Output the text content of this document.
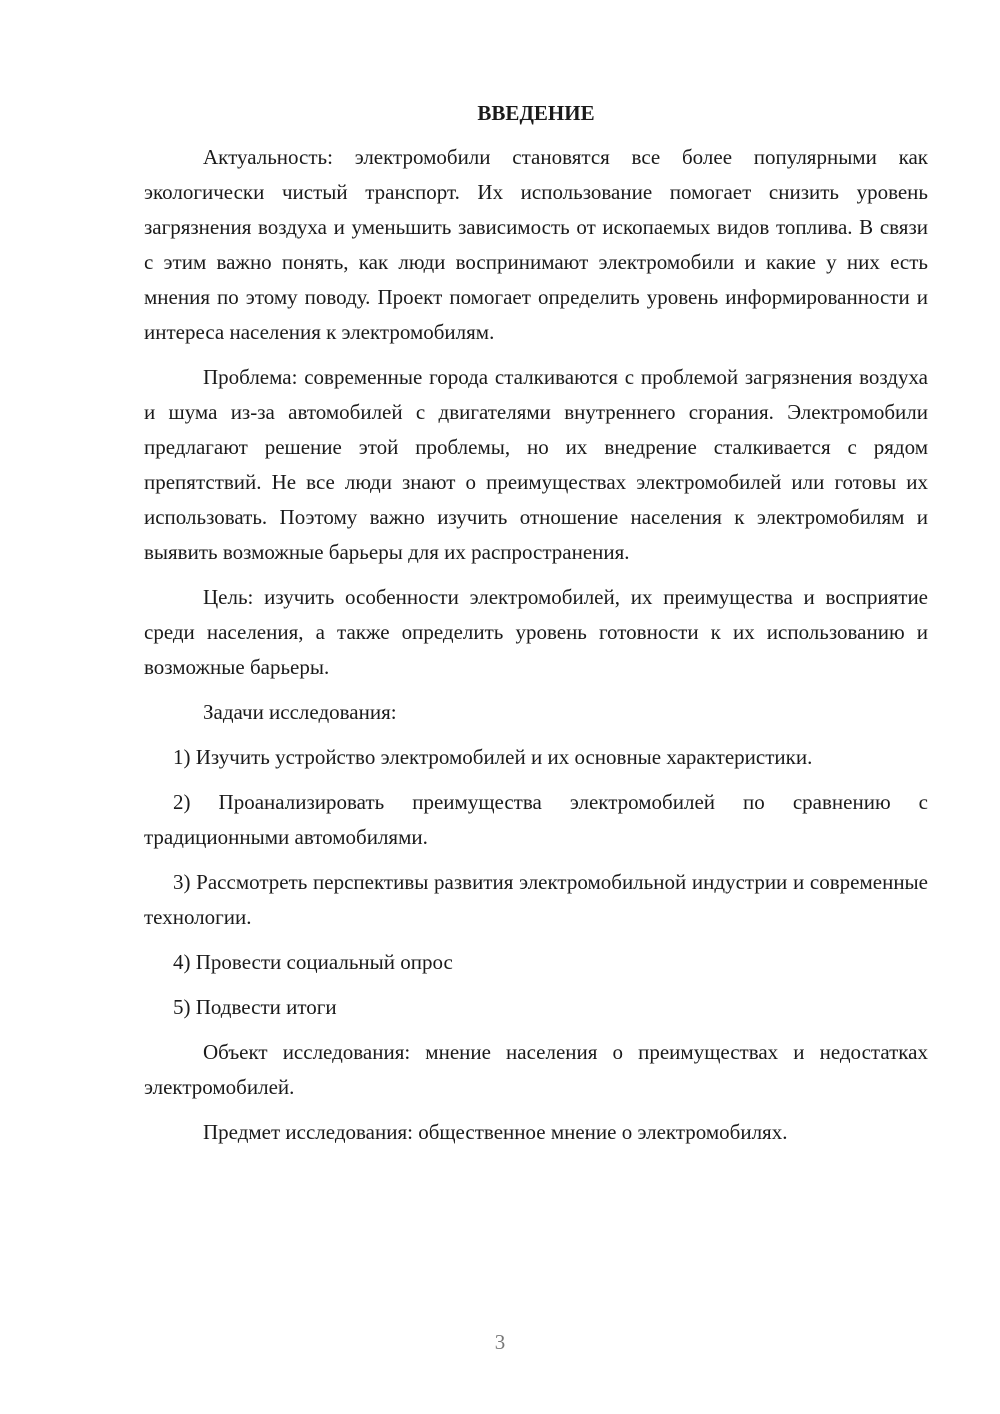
ВВЕДЕНИЕ

Актуальность: электромобили становятся все более популярными как экологически чистый транспорт. Их использование помогает снизить уровень загрязнения воздуха и уменьшить зависимость от ископаемых видов топлива. В связи с этим важно понять, как люди воспринимают электромобили и какие у них есть мнения по этому поводу. Проект помогает определить уровень информированности и интереса населения к электромобилям.

Проблема: современные города сталкиваются с проблемой загрязнения воздуха и шума из-за автомобилей с двигателями внутреннего сгорания. Электромобили предлагают решение этой проблемы, но их внедрение сталкивается с рядом препятствий. Не все люди знают о преимуществах электромобилей или готовы их использовать. Поэтому важно изучить отношение населения к электромобилям и выявить возможные барьеры для их распространения.

Цель: изучить особенности электромобилей, их преимущества и восприятие среди населения, а также определить уровень готовности к их использованию и возможные барьеры.

Задачи исследования:

1) Изучить устройство электромобилей и их основные характеристики.

2) Проанализировать преимущества электромобилей по сравнению с традиционными автомобилями.

3) Рассмотреть перспективы развития электромобильной индустрии и современные технологии.

4) Провести социальный опрос

5) Подвести итоги

Объект исследования: мнение населения о преимуществах и недостатках электромобилей.

Предмет исследования: общественное мнение о электромобилях.

3
